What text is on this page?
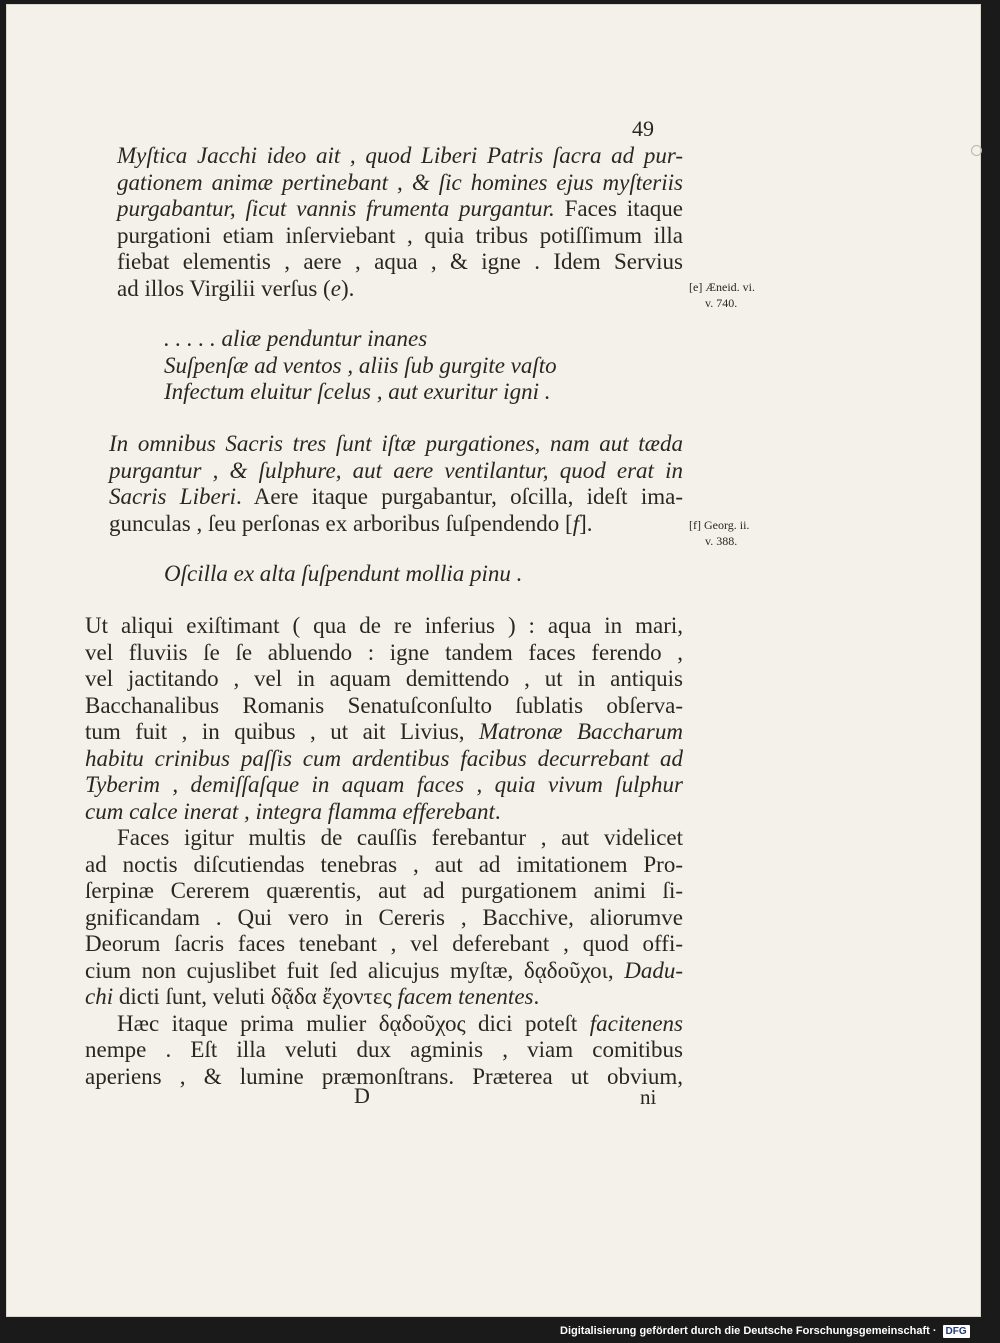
49
Myſtica Jacchi ideo ait , quod Liberi Patris ſacra ad pur-
gationem animæ pertinebant , & ſic homines ejus myſteriis
purgabantur, ſicut vannis frumenta purgantur. Faces itaque
purgationi etiam inſerviebant , quia tribus potiſſimum illa
fiebat elementis , aere , aqua , & igne . Idem Servius
ad illos Virgilii verſus (e).
. . . . . aliæ penduntur inanes
Suſpenſæ ad ventos , aliis ſub gurgite vaſto
Infectum eluitur ſcelus , aut exuritur igni .
In omnibus Sacris tres ſunt iſtæ purgationes, nam aut tæda
purgantur , & ſulphure, aut aere ventilantur, quod erat in
Sacris Liberi. Aere itaque purgabantur, oſcilla, ideſt ima-
gunculas , ſeu perſonas ex arboribus ſuſpendendo [f].
Oſcilla ex alta ſuſpendunt mollia pinu .
Ut aliqui exiſtimant ( qua de re inferius ) : aqua in mari,
vel fluviis ſe ſe abluendo : igne tandem faces ferendo ,
vel jactitando , vel in aquam demittendo , ut in antiquis
Bacchanalibus Romanis Senatuſconſulto ſublatis obſerva-
tum fuit , in quibus , ut ait Livius, Matronæ Baccharum
habitu crinibus paſſis cum ardentibus facibus decurrebant ad
Tyberim , demiſſaſque in aquam faces , quia vivum ſulphur
cum calce inerat , integra flamma efferebant.
Faces igitur multis de cauſſis ferebantur , aut videlicet
ad noctis diſcutiendas tenebras , aut ad imitationem Pro-
ſerpinæ Cererem quærentis, aut ad purgationem animi ſi-
gnificandam . Qui vero in Cereris , Bacchive, aliorumve
Deorum ſacris faces tenebant , vel deferebant , quod offi-
cium non cujuslibet fuit ſed alicujus myſtæ, δᾳδοῦχοι, Dadu-
chi dicti ſunt, veluti δᾷδα ἔχοντες facem tenentes.
Hæc itaque prima mulier δᾳδοῦχος dici poteſt facitenens
nempe . Eſt illa veluti dux agminis , viam comitibus
aperiens , & lumine præmonſtrans. Præterea ut obvium,
[e] Æneid. vi.
v. 740.
[f] Georg. ii.
v. 388.
D	ni
Digitalisierung gefördert durch die Deutsche Forschungsgemeinschaft · DFG
